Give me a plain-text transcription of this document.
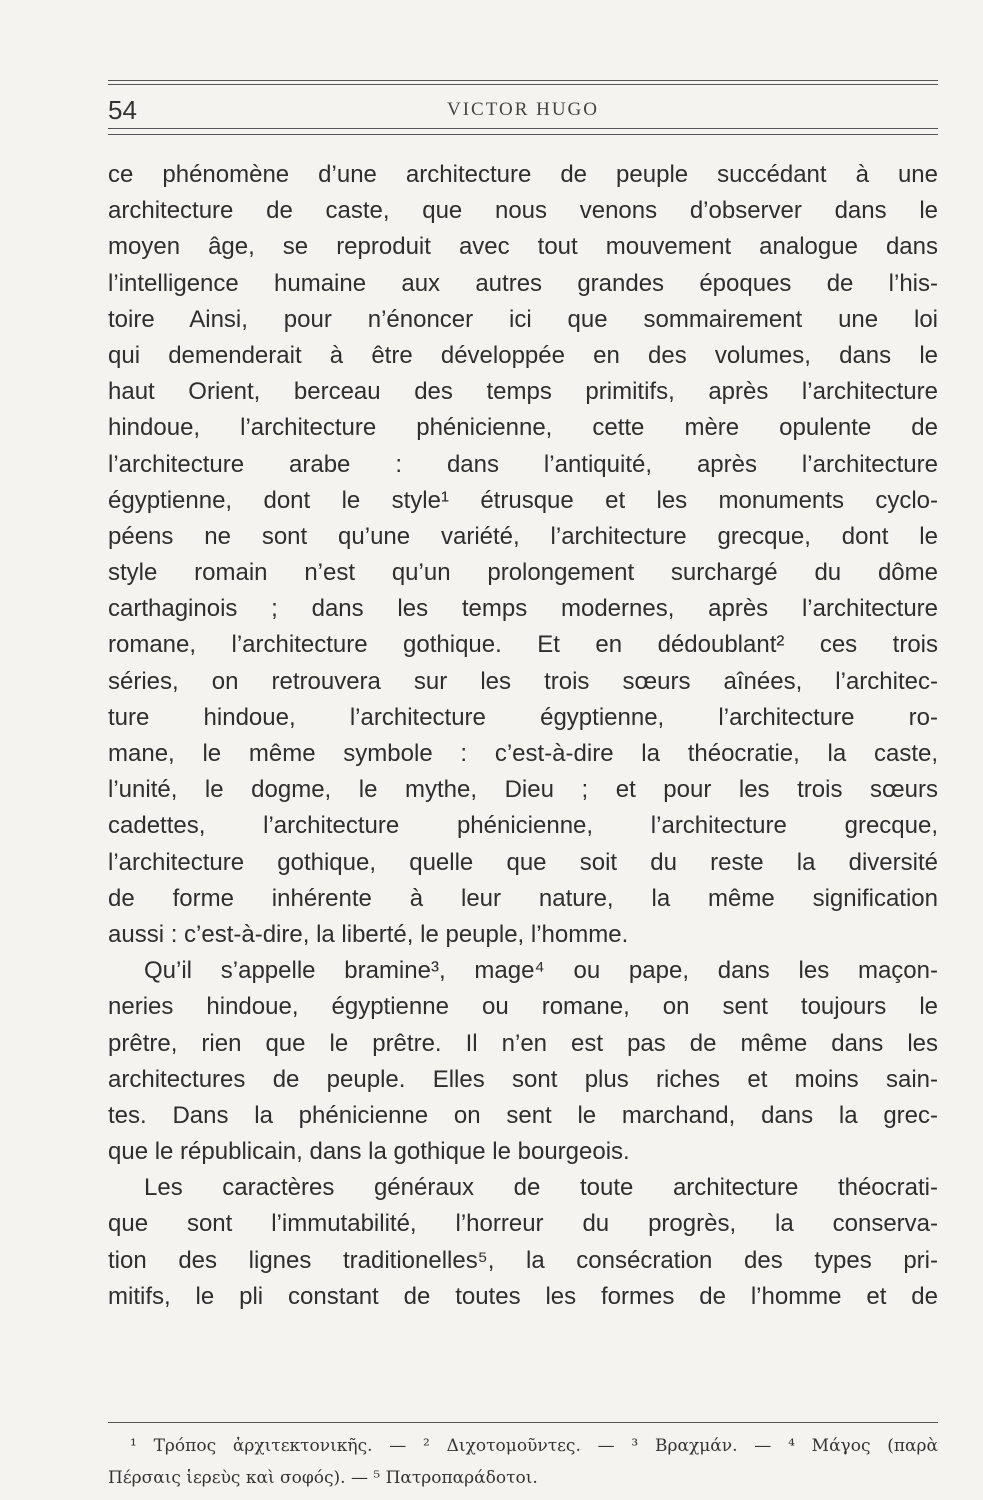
54	VICTOR HUGO
ce phénomène d’une architecture de peuple succédant à une
architecture de caste, que nous venons d’observer dans le
moyen âge, se reproduit avec tout mouvement analogue dans
l’intelligence humaine aux autres grandes époques de l’his-
toire Ainsi, pour n’énoncer ici que sommairement une loi
qui demenderait à être développée en des volumes, dans le
haut Orient, berceau des temps primitifs, après l’architecture
hindoue, l’architecture phénicienne, cette mère opulente de
l’architecture arabe : dans l’antiquité, après l’architecture
égyptienne, dont le style¹ étrusque et les monuments cyclo-
péens ne sont qu’une variété, l’architecture grecque, dont le
style romain n’est qu’un prolongement surchargé du dôme
carthaginois ; dans les temps modernes, après l’architecture
romane, l’architecture gothique. Et en dédoublant² ces trois
séries, on retrouvera sur les trois sœurs aînées, l’architec-
ture hindoue, l’architecture égyptienne, l’architecture ro-
mane, le même symbole : c’est-à-dire la théocratie, la caste,
l’unité, le dogme, le mythe, Dieu ; et pour les trois sœurs
cadettes, l’architecture phénicienne, l’architecture grecque,
l’architecture gothique, quelle que soit du reste la diversité
de forme inhérente à leur nature, la même signification
aussi : c’est-à-dire, la liberté, le peuple, l’homme.
Qu’il s’appelle bramine³, mage⁴ ou pape, dans les maçon-
neries hindoue, égyptienne ou romane, on sent toujours le
prêtre, rien que le prêtre. Il n’en est pas de même dans les
architectures de peuple. Elles sont plus riches et moins sain-
tes. Dans la phénicienne on sent le marchand, dans la grec-
que le républicain, dans la gothique le bourgeois.
Les caractères généraux de toute architecture théocrati-
que sont l’immutabilité, l’horreur du progrès, la conserva-
tion des lignes traditionelles⁵, la consécration des types pri-
mitifs, le pli constant de toutes les formes de l’homme et de
¹ Τρόπος ἀρχιτεκτονικῆς. — ² Διχοτομοῦντες. — ³ Βραχμάν. — ⁴ Μάγος (παρὰ
Πέρσαις ἱερεὺς καὶ σοφός). — ⁵ Πατροπαράδοτοι.
